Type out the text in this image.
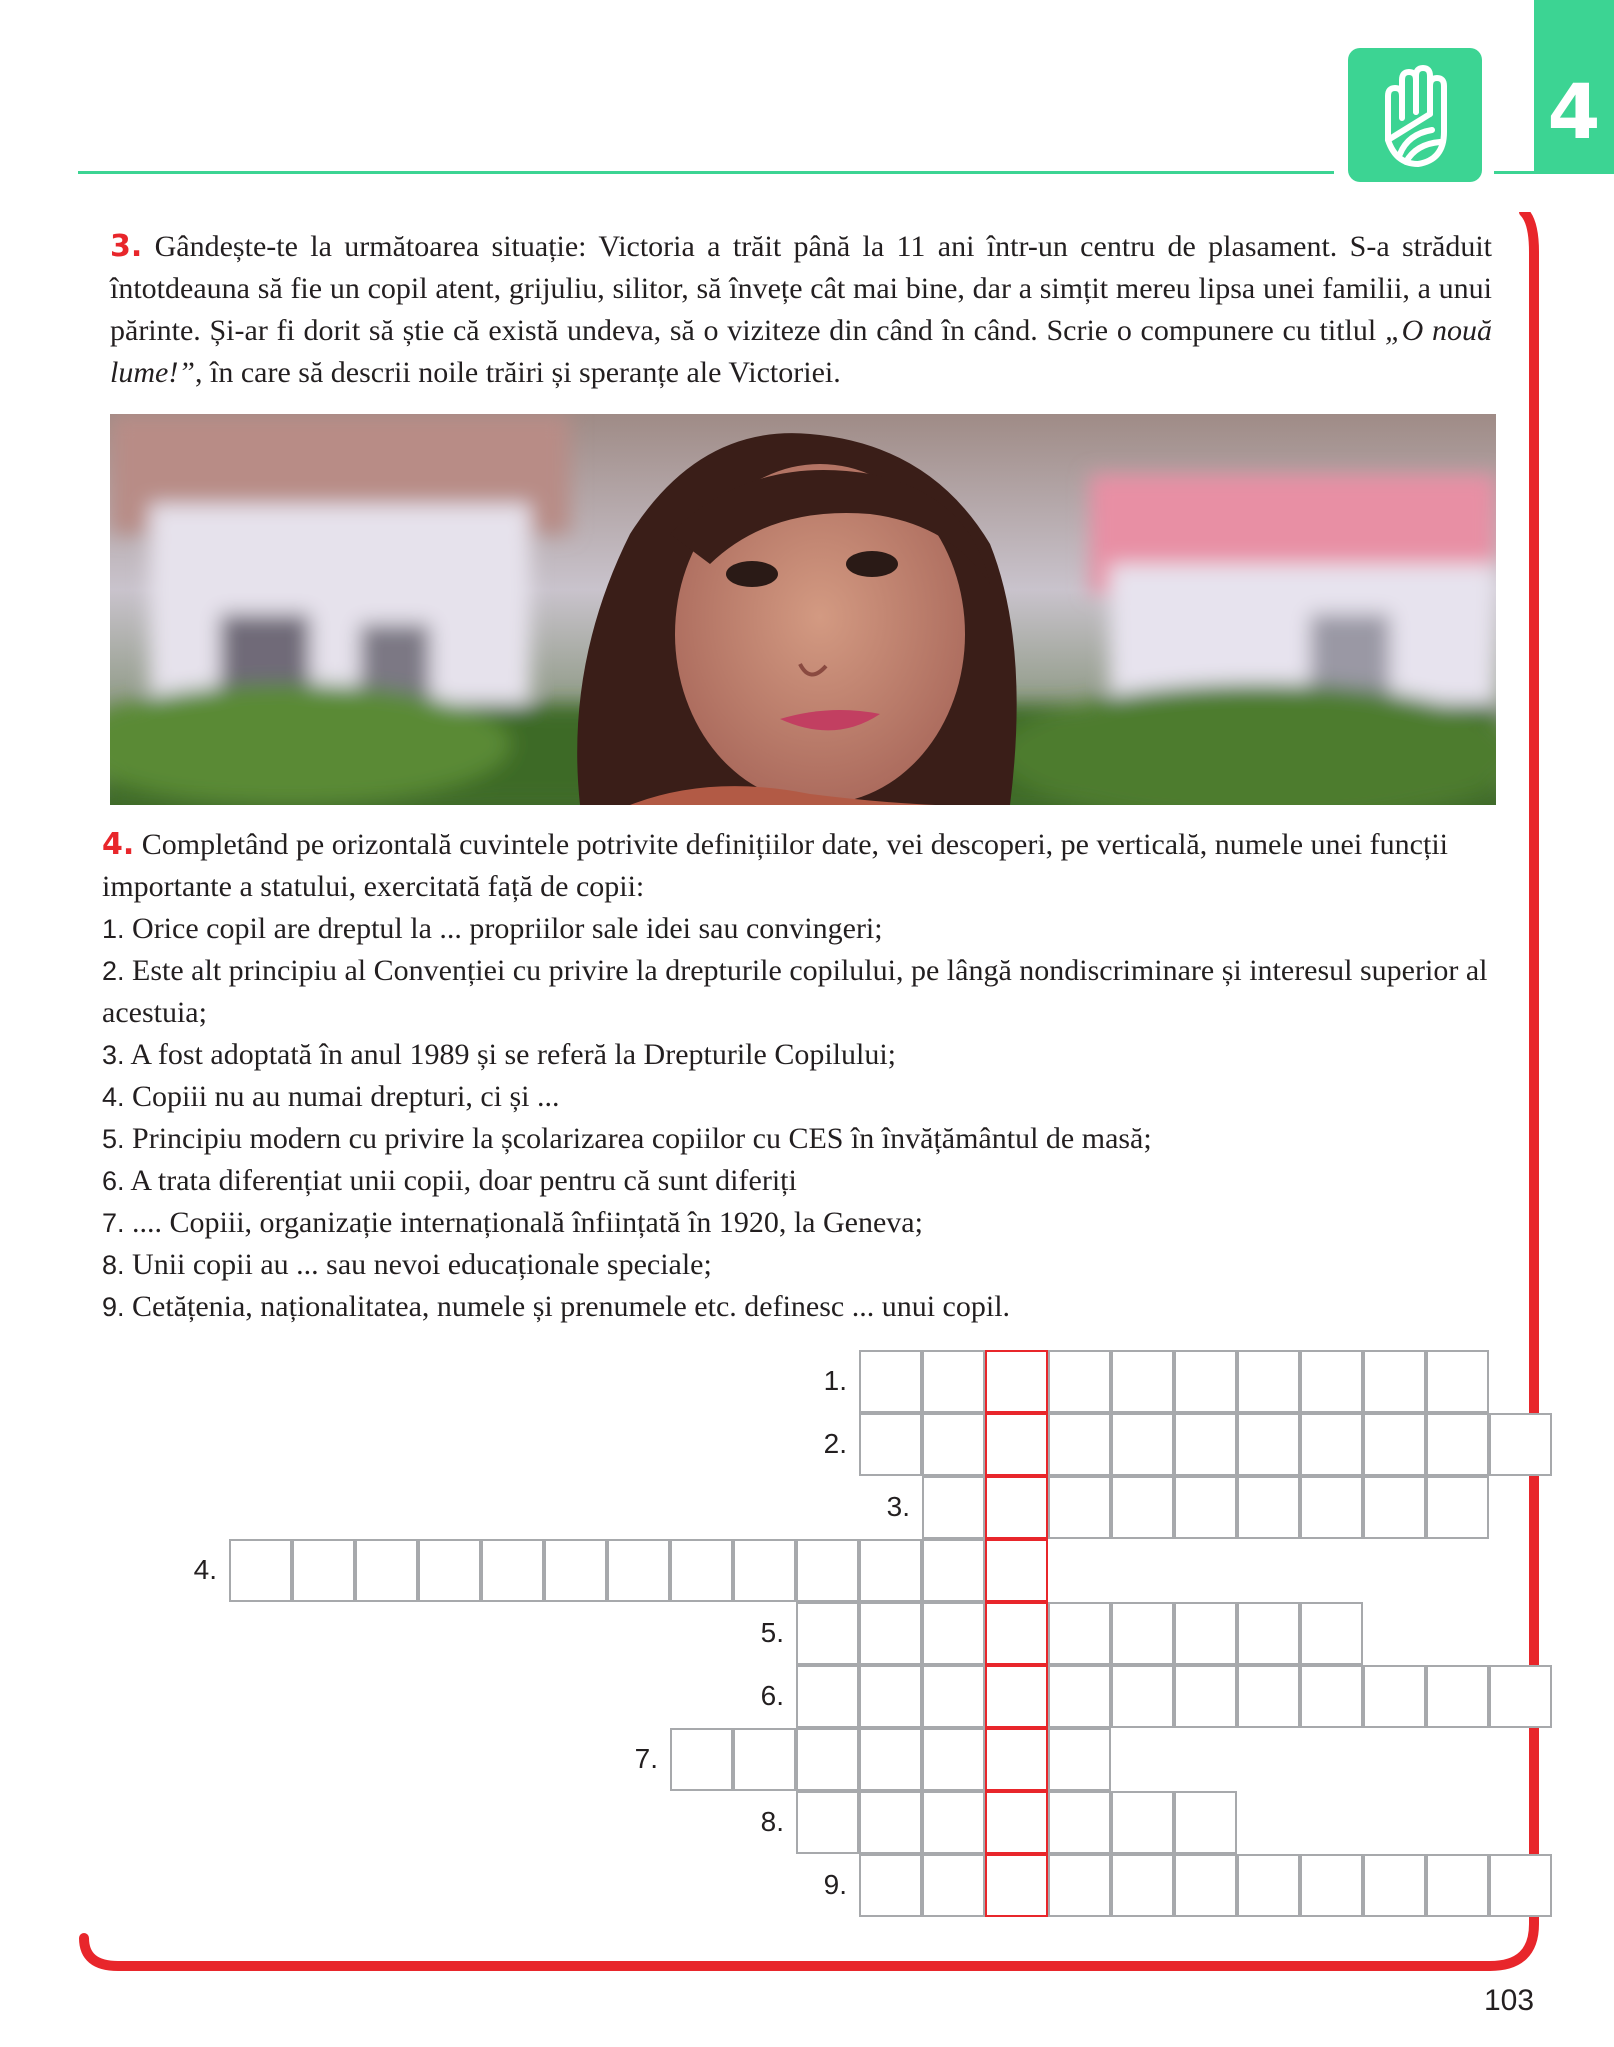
4

3. Gândește-te la următoarea situație: Victoria a trăit până la 11 ani într-un centru de plasament. S-a străduit întotdeauna să fie un copil atent, grijuliu, silitor, să învețe cât mai bine, dar a simțit mereu lipsa unei familii, a unui părinte. Și-ar fi dorit să știe că există undeva, să o viziteze din când în când. Scrie o compunere cu titlul „O nouă lume!”, în care să descrii noile trăiri și speranțe ale Victoriei.

4. Completând pe orizontală cuvintele potrivite definițiilor date, vei descoperi, pe verticală, numele unei funcții importante a statului, exercitată față de copii:
1. Orice copil are dreptul la ... propriilor sale idei sau convingeri;
2. Este alt principiu al Convenției cu privire la drepturile copilului, pe lângă nondiscriminare și interesul superior al acestuia;
3. A fost adoptată în anul 1989 și se referă la Drepturile Copilului;
4. Copiii nu au numai drepturi, ci și ...
5. Principiu modern cu privire la școlarizarea copiilor cu CES în învățământul de masă;
6. A trata diferențiat unii copii, doar pentru că sunt diferiți
7. .... Copiii, organizație internațională înființată în 1920, la Geneva;
8. Unii copii au ... sau nevoi educaționale speciale;
9. Cetățenia, naționalitatea, numele și prenumele etc. definesc ... unui copil.
1.
2.
3.
4.
5.
6.
7.
8.
9.
103
